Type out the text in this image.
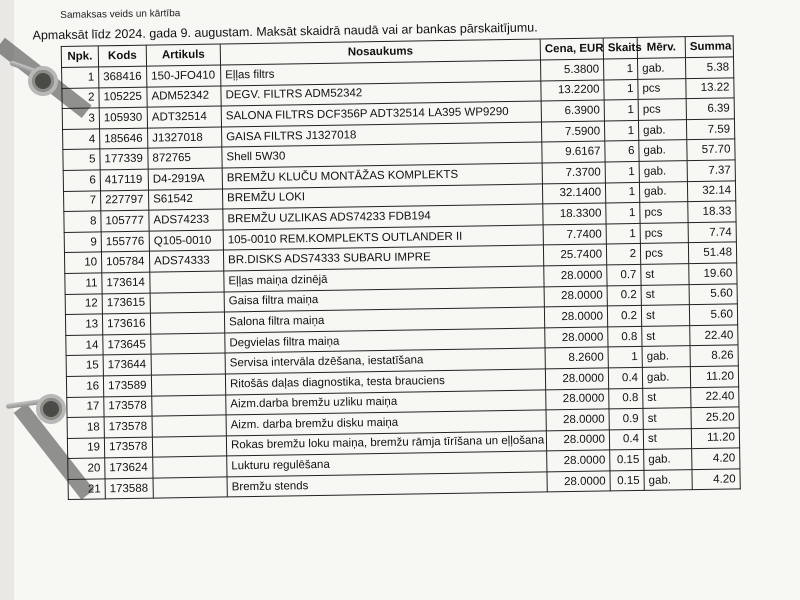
Samaksas veids un kārtība
Apmaksāt līdz 2024. gada 9. augustam. Maksāt skaidrā naudā vai ar bankas pārskaitījumu.
Npk.	Kods	Artikuls	Nosaukums	Cena, EUR	Skaits	Mērv.	Summa
1	368416	150-JFO410	Eļļas filtrs	5.3800	1	gab.	5.38
2	105225	ADM52342	DEGV. FILTRS ADM52342	13.2200	1	pcs	13.22
3	105930	ADT32514	SALONA FILTRS DCF356P ADT32514 LA395 WP9290	6.3900	1	pcs	6.39
4	185646	J1327018	GAISA FILTRS J1327018	7.5900	1	gab.	7.59
5	177339	872765	Shell 5W30	9.6167	6	gab.	57.70
6	417119	D4-2919A	BREMŽU KLUČU MONTĀŽAS KOMPLEKTS	7.3700	1	gab.	7.37
7	227797	S61542	BREMŽU LOKI	32.1400	1	gab.	32.14
8	105777	ADS74233	BREMŽU UZLIKAS ADS74233 FDB194	18.3300	1	pcs	18.33
9	155776	Q105-0010	105-0010 REM.KOMPLEKTS OUTLANDER II	7.7400	1	pcs	7.74
10	105784	ADS74333	BR.DISKS ADS74333 SUBARU IMPRE	25.7400	2	pcs	51.48
11	173614		Eļļas maiņa dzinējā	28.0000	0.7	st	19.60
12	173615		Gaisa filtra maiņa	28.0000	0.2	st	5.60
13	173616		Salona filtra maiņa	28.0000	0.2	st	5.60
14	173645		Degvielas filtra maiņa	28.0000	0.8	st	22.40
15	173644		Servisa intervāla dzēšana, iestatīšana	8.2600	1	gab.	8.26
16	173589		Ritošās daļas diagnostika, testa brauciens	28.0000	0.4	gab.	11.20
17	173578		Aizm.darba bremžu uzliku maiņa	28.0000	0.8	st	22.40
18	173578		Aizm. darba bremžu disku maiņa	28.0000	0.9	st	25.20
19	173578		Rokas bremžu loku maiņa, bremžu rāmja tīrīšana un eļļošana	28.0000	0.4	st	11.20
20	173624		Lukturu regulēšana	28.0000	0.15	gab.	4.20
21	173588		Bremžu stends	28.0000	0.15	gab.	4.20
